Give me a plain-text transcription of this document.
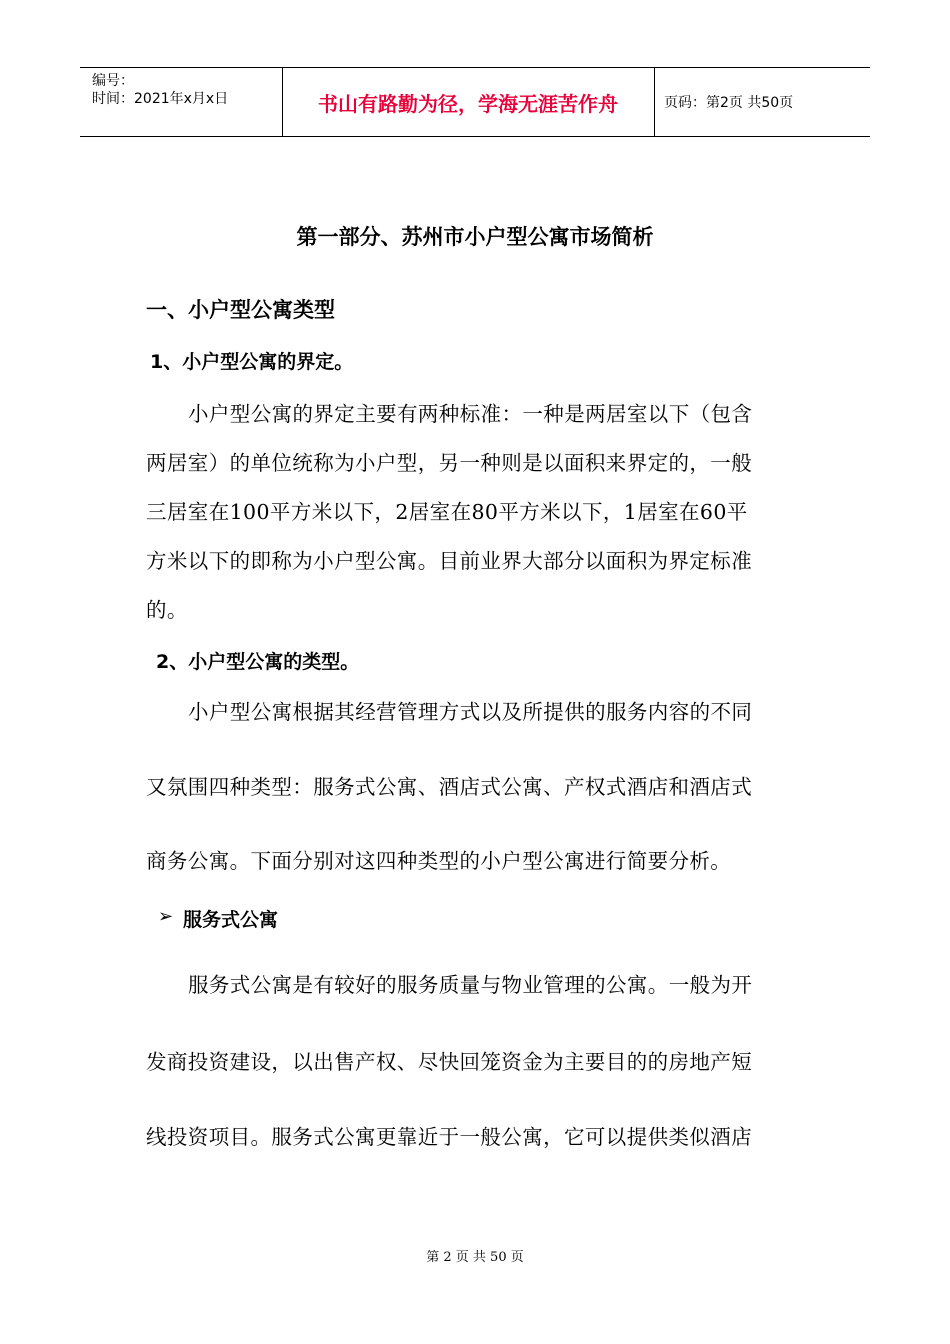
编号：
时间：2021年x月x日	书山有路勤为径，学海无涯苦作舟	页码：第2页 共50页
第一部分、苏州市小户型公寓市场简析
一、小户型公寓类型
1、小户型公寓的界定。
小户型公寓的界定主要有两种标准：一种是两居室以下（包含
两居室）的单位统称为小户型，另一种则是以面积来界定的，一般
三居室在100平方米以下，2居室在80平方米以下，1居室在60平
方米以下的即称为小户型公寓。目前业界大部分以面积为界定标准
的。
2、小户型公寓的类型。
小户型公寓根据其经营管理方式以及所提供的服务内容的不同
又氛围四种类型：服务式公寓、酒店式公寓、产权式酒店和酒店式
商务公寓。下面分别对这四种类型的小户型公寓进行简要分析。
➢ 服务式公寓
服务式公寓是有较好的服务质量与物业管理的公寓。一般为开
发商投资建设，以出售产权、尽快回笼资金为主要目的的房地产短
线投资项目。服务式公寓更靠近于一般公寓，它可以提供类似酒店
第 2 页 共 50 页
